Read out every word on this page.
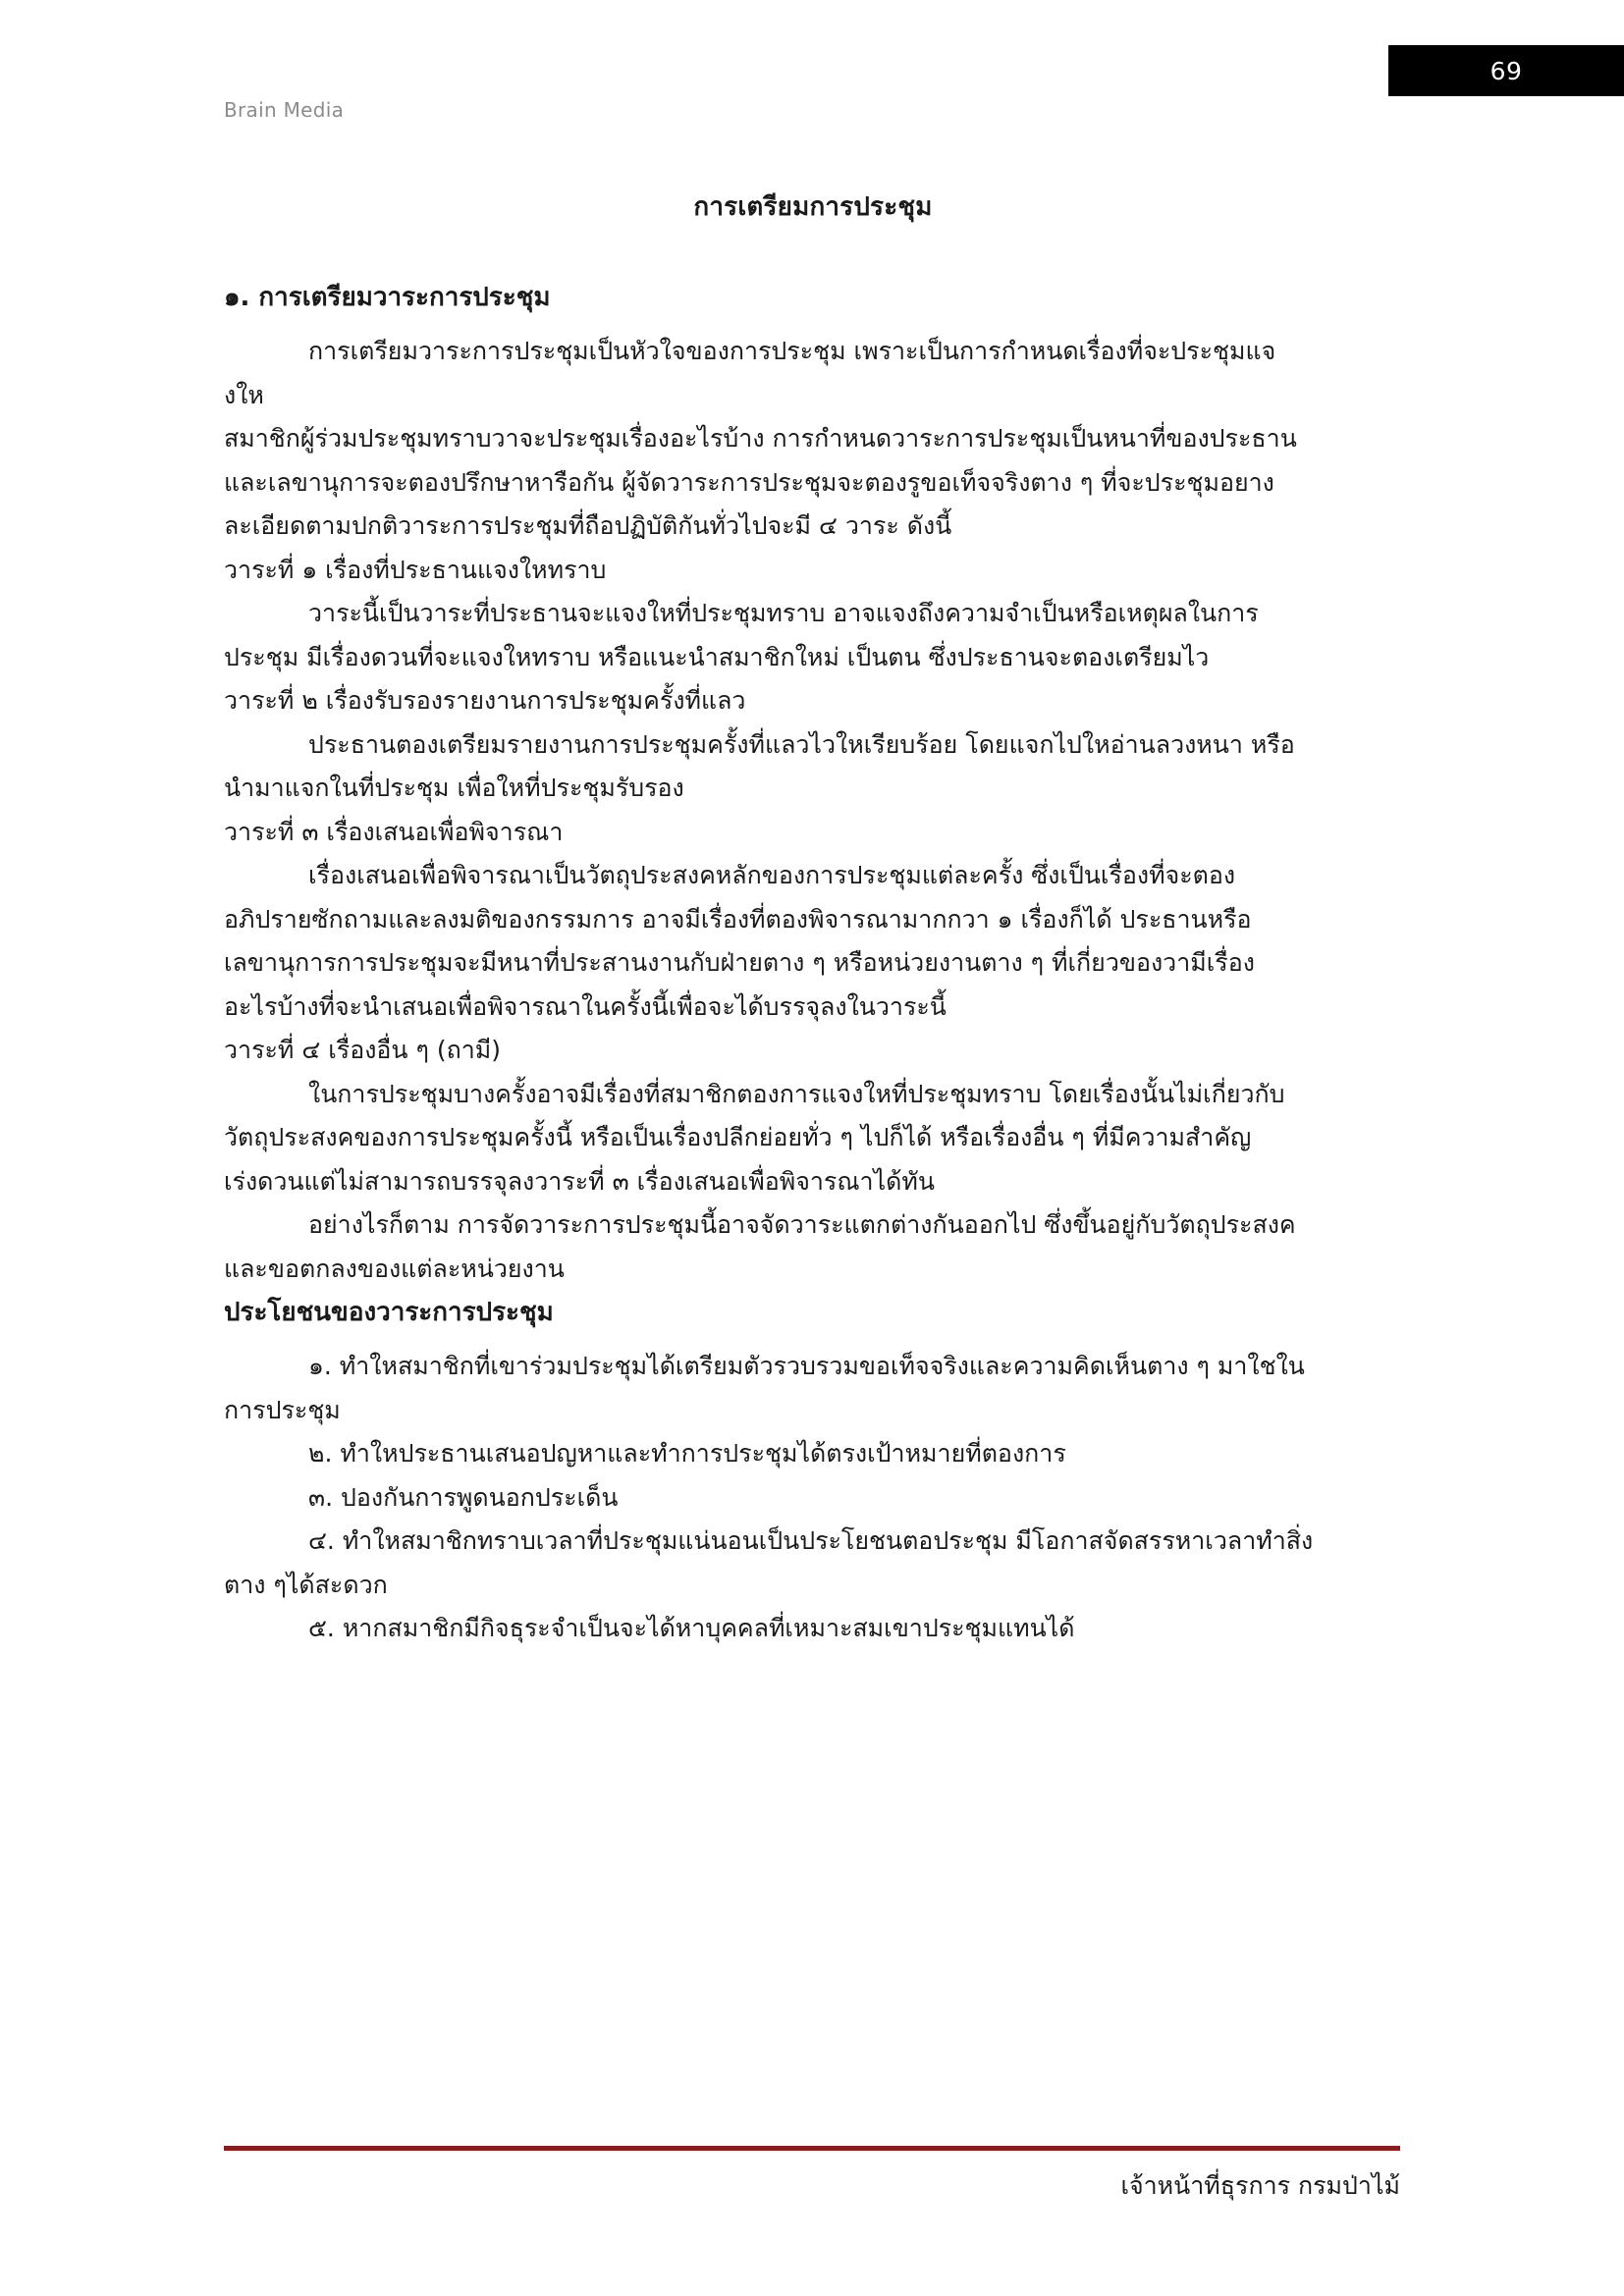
69
Brain Media
การเตรียมการประชุม

๑. การเตรียมวาระการประชุม

การเตรียมวาระการประชุมเป็นหัวใจของการประชุม เพราะเป็นการกำหนดเรื่องที่จะประชุมแจ

งให

สมาชิกผู้ร่วมประชุมทราบวาจะประชุมเรื่องอะไรบ้าง การกำหนดวาระการประชุมเป็นหนาที่ของประธาน

และเลขานุการจะตองปรึกษาหารือกัน ผู้จัดวาระการประชุมจะตองรูขอเท็จจริงตาง ๆ ที่จะประชุมอยาง

ละเอียดตามปกติวาระการประชุมที่ถือปฏิบัติกันทั่วไปจะมี ๔ วาระ ดังนี้

วาระที่ ๑ เรื่องที่ประธานแจงใหทราบ

วาระนี้เป็นวาระที่ประธานจะแจงใหที่ประชุมทราบ อาจแจงถึงความจำเป็นหรือเหตุผลในการ

ประชุม มีเรื่องดวนที่จะแจงใหทราบ หรือแนะนำสมาชิกใหม่ เป็นตน ซึ่งประธานจะตองเตรียมไว

วาระที่ ๒ เรื่องรับรองรายงานการประชุมครั้งที่แลว

ประธานตองเตรียมรายงานการประชุมครั้งที่แลวไวใหเรียบร้อย โดยแจกไปใหอ่านลวงหนา หรือ

นำมาแจกในที่ประชุม เพื่อใหที่ประชุมรับรอง

วาระที่ ๓ เรื่องเสนอเพื่อพิจารณา

เรื่องเสนอเพื่อพิจารณาเป็นวัตถุประสงคหลักของการประชุมแต่ละครั้ง ซึ่งเป็นเรื่องที่จะตอง

อภิปรายซักถามและลงมติของกรรมการ อาจมีเรื่องที่ตองพิจารณามากกวา ๑ เรื่องก็ได้ ประธานหรือ

เลขานุการการประชุมจะมีหนาที่ประสานงานกับฝ่ายตาง ๆ หรือหน่วยงานตาง ๆ ที่เกี่ยวของวามีเรื่อง

อะไรบ้างที่จะนำเสนอเพื่อพิจารณาในครั้งนี้เพื่อจะได้บรรจุลงในวาระนี้

วาระที่ ๔ เรื่องอื่น ๆ (ถามี)

ในการประชุมบางครั้งอาจมีเรื่องที่สมาชิกตองการแจงใหที่ประชุมทราบ โดยเรื่องนั้นไม่เกี่ยวกับ

วัตถุประสงคของการประชุมครั้งนี้ หรือเป็นเรื่องปลีกย่อยทั่ว ๆ ไปก็ได้ หรือเรื่องอื่น ๆ ที่มีความสำคัญ

เร่งดวนแต่ไม่สามารถบรรจุลงวาระที่ ๓ เรื่องเสนอเพื่อพิจารณาได้ทัน

อย่างไรก็ตาม การจัดวาระการประชุมนี้อาจจัดวาระแตกต่างกันออกไป ซึ่งขึ้นอยู่กับวัตถุประสงค

และขอตกลงของแต่ละหน่วยงาน

ประโยชนของวาระการประชุม

๑. ทำใหสมาชิกที่เขาร่วมประชุมได้เตรียมตัวรวบรวมขอเท็จจริงและความคิดเห็นตาง ๆ มาใชใน

การประชุม

๒. ทำใหประธานเสนอปญหาและทำการประชุมได้ตรงเป้าหมายที่ตองการ

๓. ปองกันการพูดนอกประเด็น

๔. ทำใหสมาชิกทราบเวลาที่ประชุมแน่นอนเป็นประโยชนตอประชุม มีโอกาสจัดสรรหาเวลาทำสิ่ง

ตาง ๆได้สะดวก

๕. หากสมาชิกมีกิจธุระจำเป็นจะได้หาบุคคลที่เหมาะสมเขาประชุมแทนได้

เจ้าหน้าที่ธุรการ กรมป่าไม้
